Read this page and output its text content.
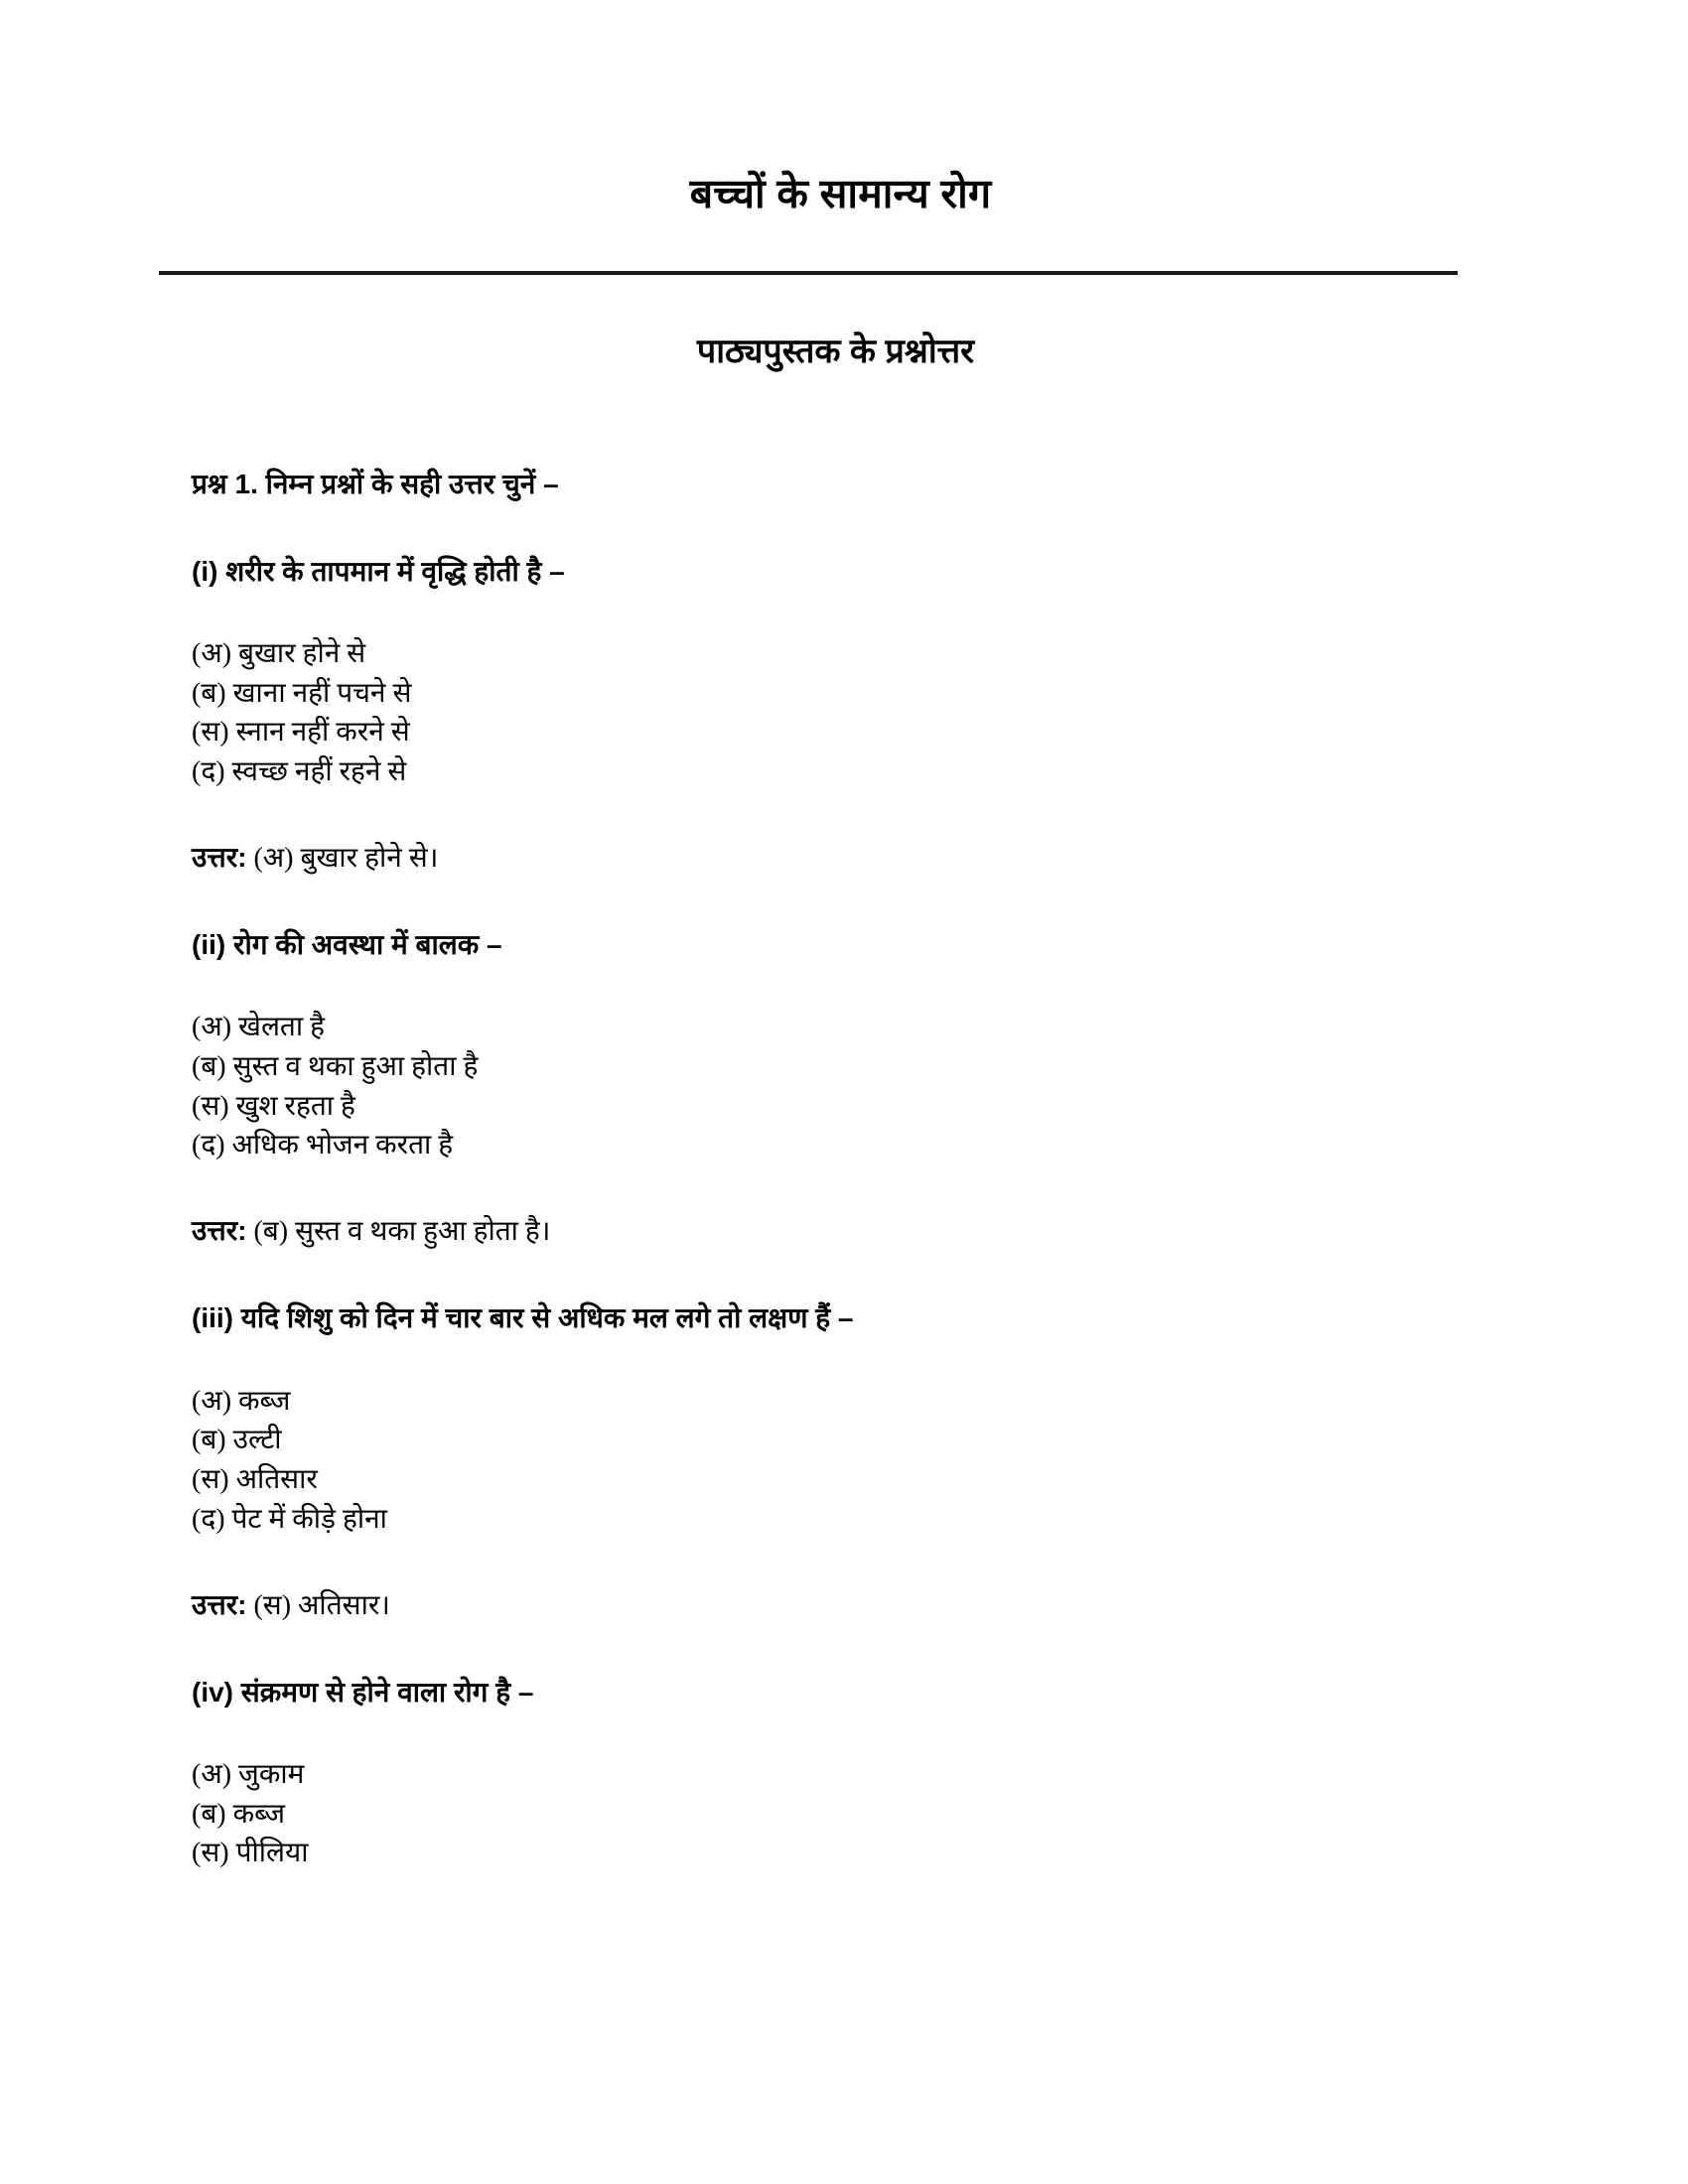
बच्चों के सामान्य रोग
पाठ्यपुस्तक के प्रश्नोत्तर

प्रश्न 1. निम्न प्रश्नों के सही उत्तर चुनें –

(i) शरीर के तापमान में वृद्धि होती है –

(अ) बुखार होने से
(ब) खाना नहीं पचने से
(स) स्नान नहीं करने से
(द) स्वच्छ नहीं रहने से

उत्तर: (अ) बुखार होने से।

(ii) रोग की अवस्था में बालक –

(अ) खेलता है
(ब) सुस्त व थका हुआ होता है
(स) खुश रहता है
(द) अधिक भोजन करता है

उत्तर: (ब) सुस्त व थका हुआ होता है।

(iii) यदि शिशु को दिन में चार बार से अधिक मल लगे तो लक्षण हैं –

(अ) कब्ज
(ब) उल्टी
(स) अतिसार
(द) पेट में कीड़े होना

उत्तर: (स) अतिसार।

(iv) संक्रमण से होने वाला रोग है –

(अ) जुकाम
(ब) कब्ज
(स) पीलिया
